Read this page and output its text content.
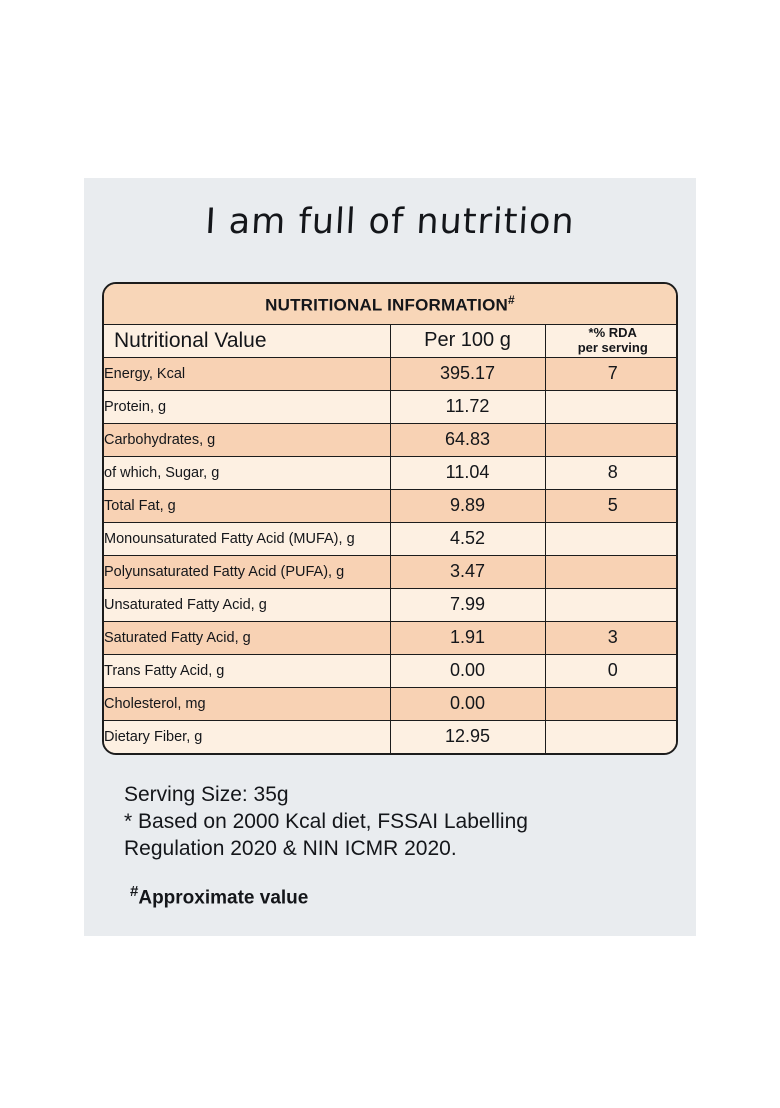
I am full of nutrition
NUTRITIONAL INFORMATION#
Nutritional Value	Per 100 g	*% RDA
per serving

Energy, Kcal	395.17	7
Protein, g	11.72	
Carbohydrates, g	64.83	
of which, Sugar, g	11.04	8
Total Fat, g	9.89	5
Monounsaturated Fatty Acid (MUFA), g	4.52	
Polyunsaturated Fatty Acid (PUFA), g	3.47	
Unsaturated Fatty Acid, g	7.99	
Saturated Fatty Acid, g	1.91	3
Trans Fatty Acid, g	0.00	0
Cholesterol, mg	0.00	
Dietary Fiber, g	12.95	
Serving Size: 35g
* Based on 2000 Kcal diet, FSSAI Labelling
Regulation 2020 & NIN ICMR 2020.
#Approximate value
